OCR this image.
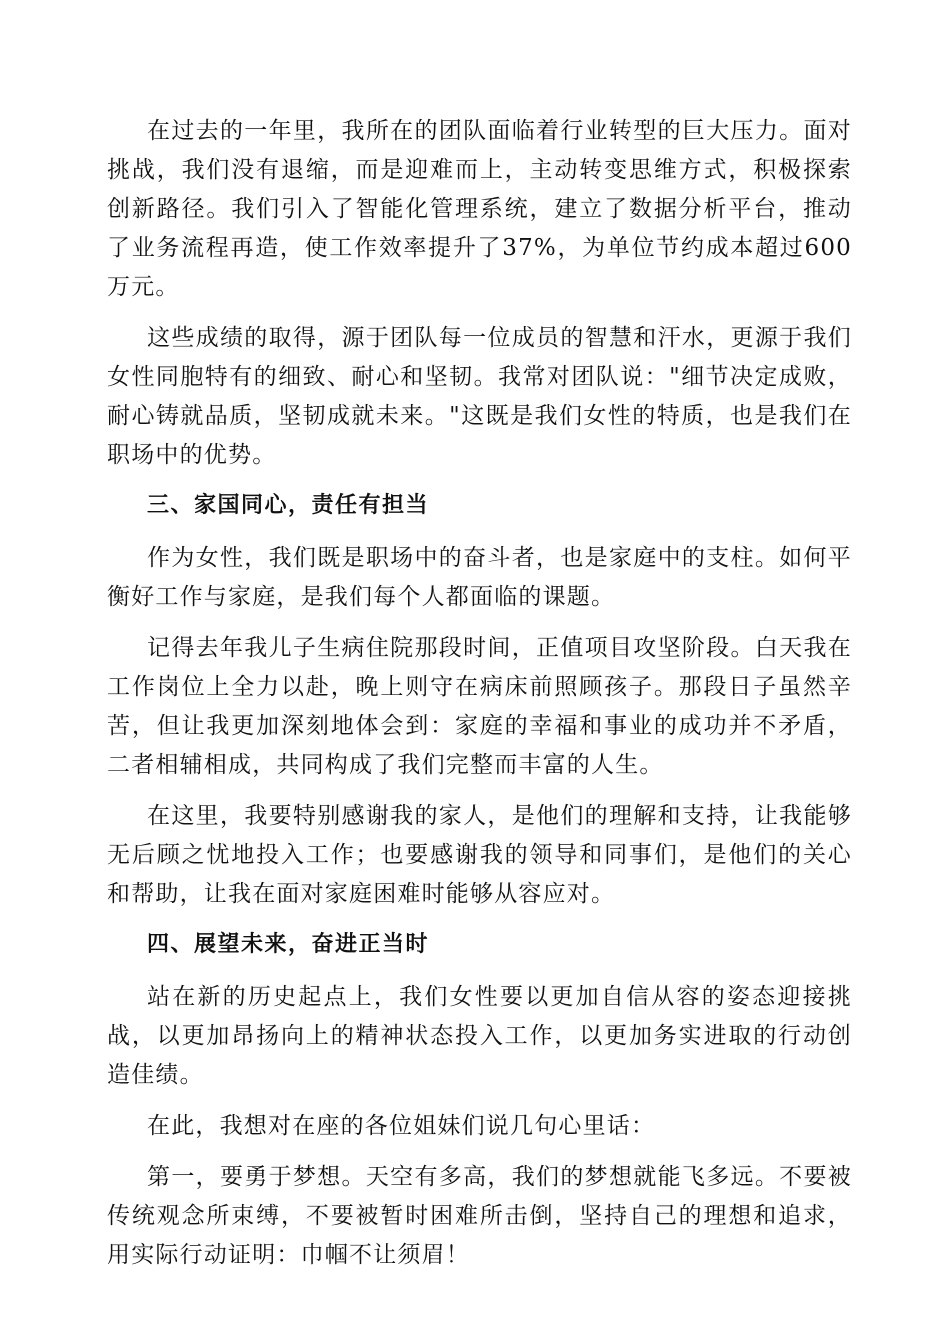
在过去的一年里，我所在的团队面临着行业转型的巨大压力。面对挑战，我们没有退缩，而是迎难而上，主动转变思维方式，积极探索创新路径。我们引入了智能化管理系统，建立了数据分析平台，推动了业务流程再造，使工作效率提升了37%，为单位节约成本超过600万元。

这些成绩的取得，源于团队每一位成员的智慧和汗水，更源于我们女性同胞特有的细致、耐心和坚韧。我常对团队说："细节决定成败，耐心铸就品质，坚韧成就未来。"这既是我们女性的特质，也是我们在职场中的优势。

三、家国同心，责任有担当

作为女性，我们既是职场中的奋斗者，也是家庭中的支柱。如何平衡好工作与家庭，是我们每个人都面临的课题。

记得去年我儿子生病住院那段时间，正值项目攻坚阶段。白天我在工作岗位上全力以赴，晚上则守在病床前照顾孩子。那段日子虽然辛苦，但让我更加深刻地体会到：家庭的幸福和事业的成功并不矛盾，二者相辅相成，共同构成了我们完整而丰富的人生。

在这里，我要特别感谢我的家人，是他们的理解和支持，让我能够无后顾之忧地投入工作；也要感谢我的领导和同事们，是他们的关心和帮助，让我在面对家庭困难时能够从容应对。

四、展望未来，奋进正当时

站在新的历史起点上，我们女性要以更加自信从容的姿态迎接挑战，以更加昂扬向上的精神状态投入工作，以更加务实进取的行动创造佳绩。

在此，我想对在座的各位姐妹们说几句心里话：

第一，要勇于梦想。天空有多高，我们的梦想就能飞多远。不要被传统观念所束缚，不要被暂时困难所击倒，坚持自己的理想和追求，用实际行动证明：巾帼不让须眉！
